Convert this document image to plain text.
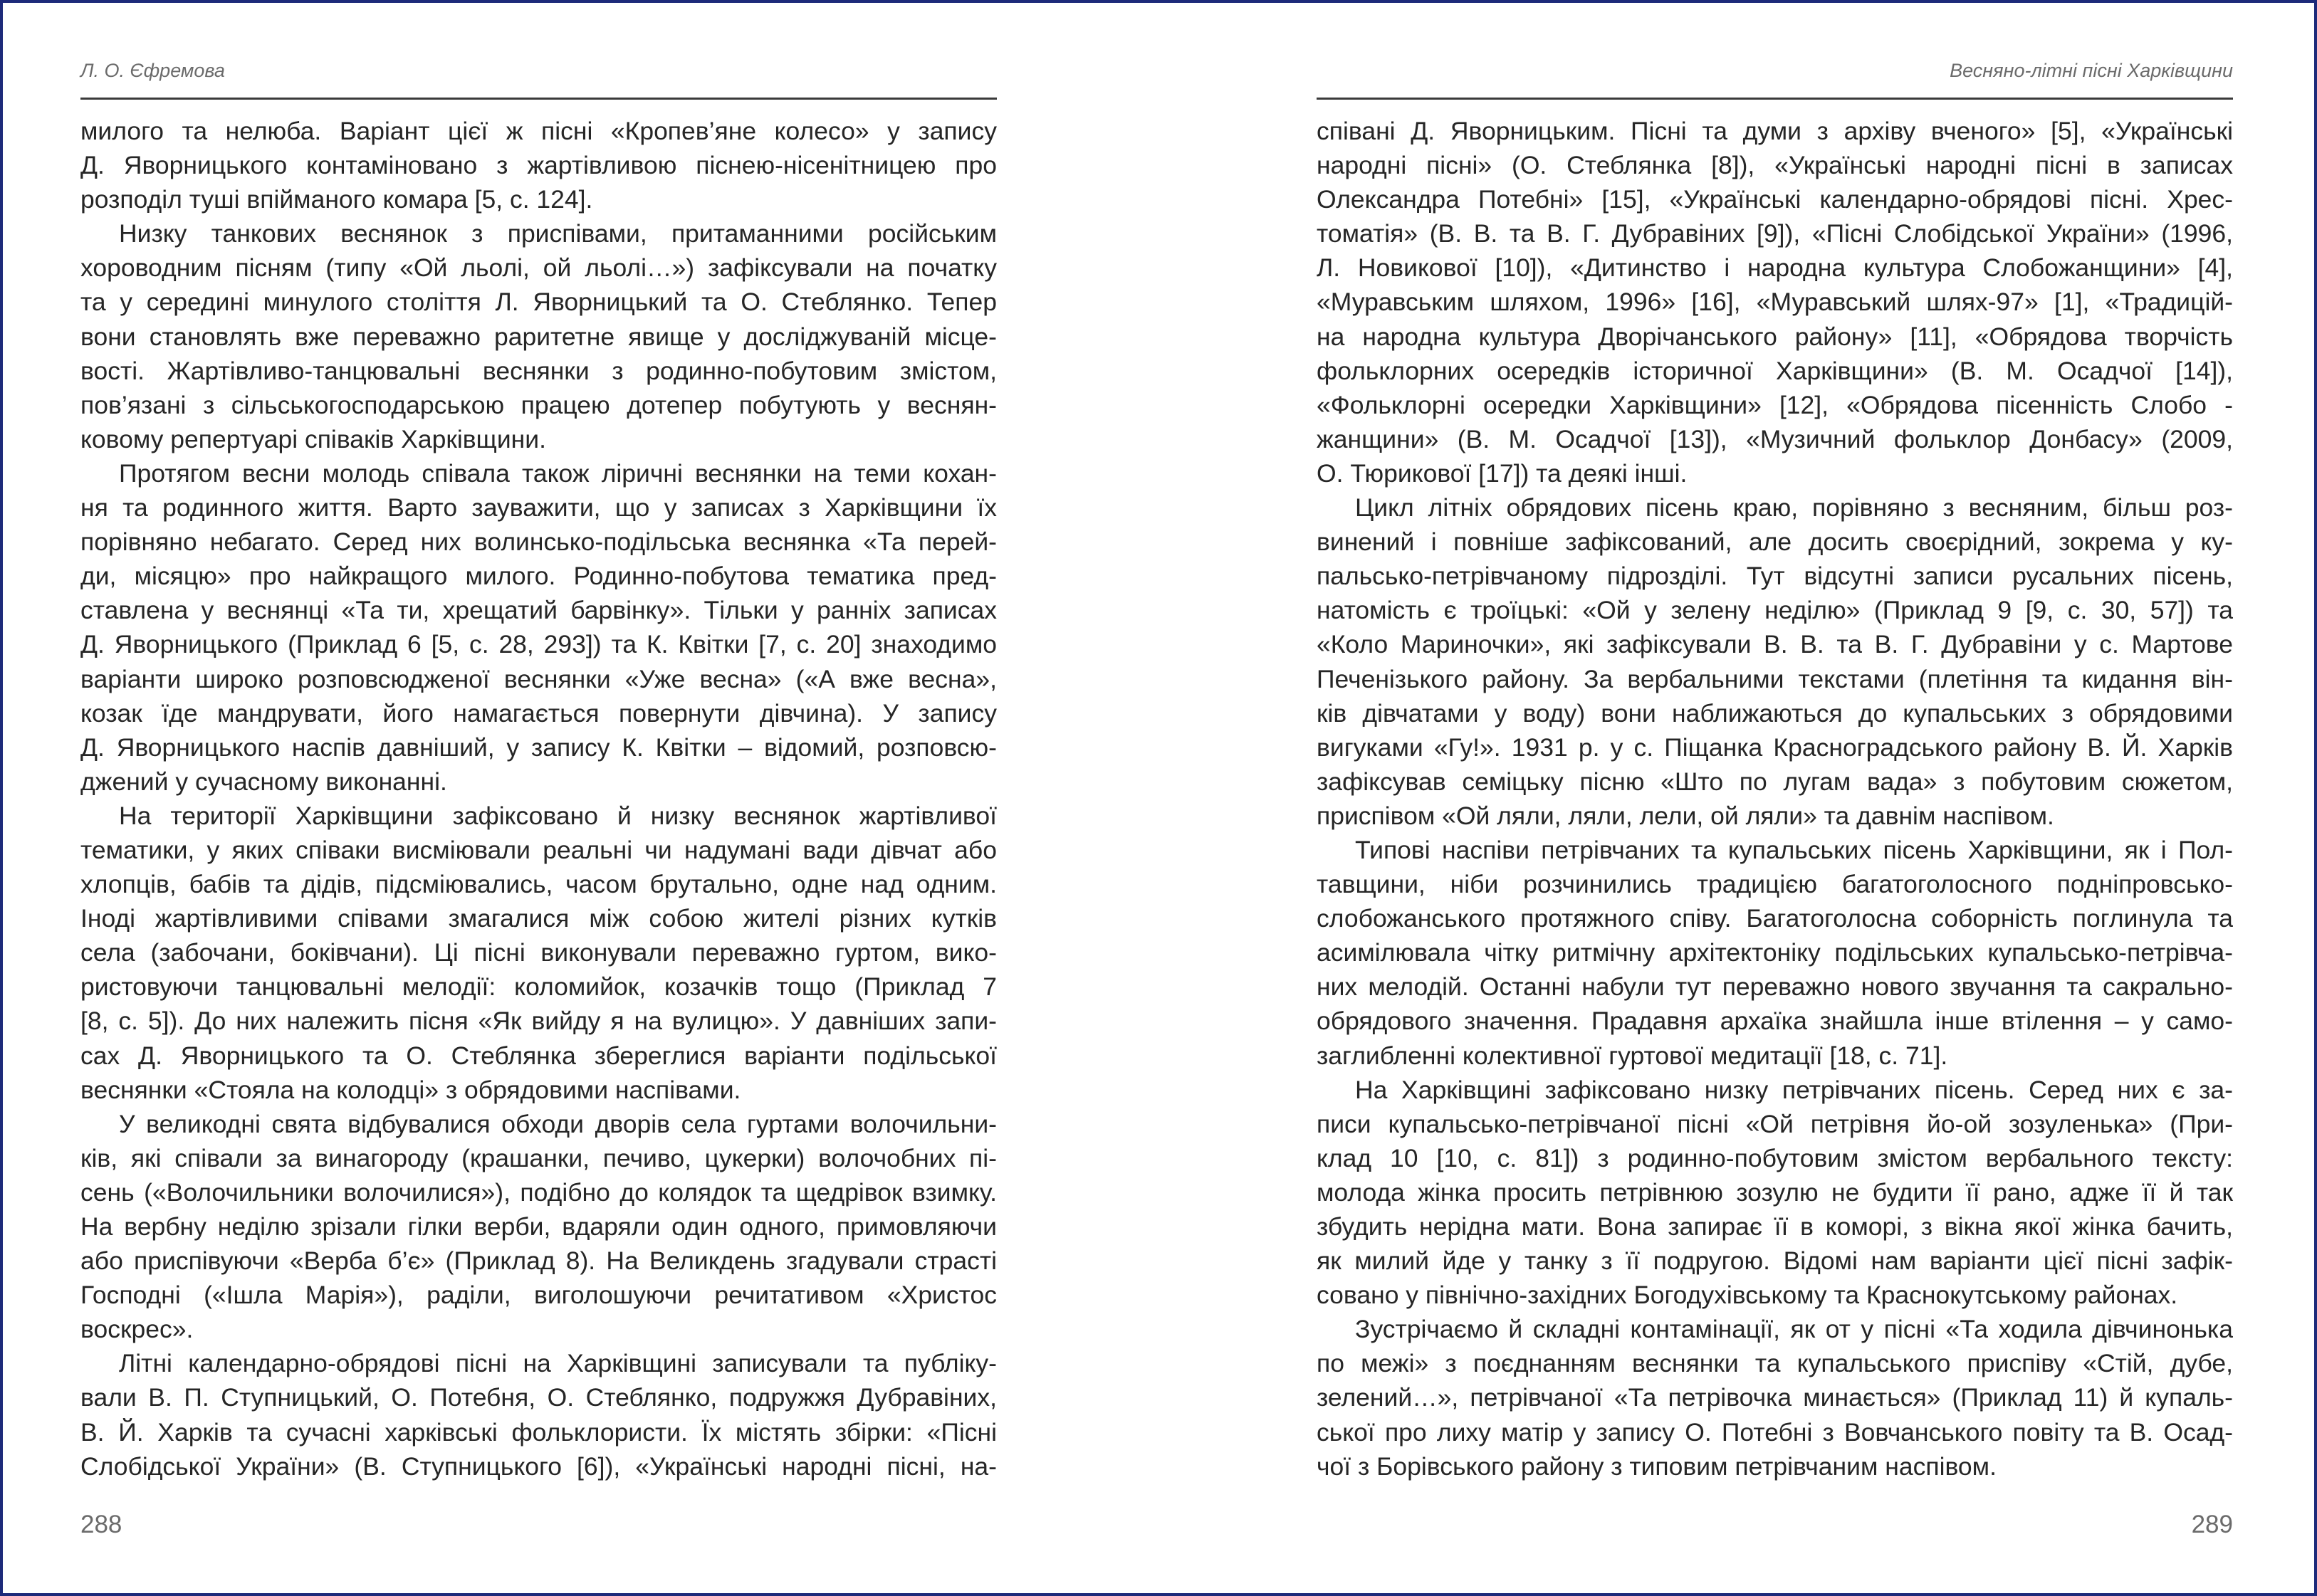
Л. О. Єфремова
милого та нелюба. Варіант цієї ж пісні «Кропев’яне колесо» у запису
Д. Яворницького контаміновано з жартівливою піснею-нісенітницею про
розподіл туші впійманого комара [5, с. 124].
Низку танкових веснянок з приспівами, притаманними російським
хороводним пісням (типу «Ой льолі, ой льолі…») зафіксували на початку
та у середині минулого століття Л. Яворницький та О. Стеблянко. Тепер
вони становлять вже переважно раритетне явище у досліджуваній місце-
вості. Жартівливо-танцювальні веснянки з родинно-побутовим змістом,
пов’язані з сільськогосподарською працею дотепер побутують у веснян-
ковому репертуарі співаків Харківщини.
Протягом весни молодь співала також ліричні веснянки на теми кохан-
ня та родинного життя. Варто зауважити, що у записах з Харківщини їх
порівняно небагато. Серед них волинсько-подільська веснянка «Та перей-
ди, місяцю» про найкращого милого. Родинно-побутова тематика пред-
ставлена у веснянці «Та ти, хрещатий барвінку». Тільки у ранніх записах
Д. Яворницького (Приклад 6 [5, с. 28, 293]) та К. Квітки [7, с. 20] знаходимо
варіанти широко розповсюдженої веснянки «Уже весна» («А вже весна»,
козак їде мандрувати, його намагається повернути дівчина). У запису
Д. Яворницького наспів давніший, у запису К. Квітки – відомий, розповсю-
джений у сучасному виконанні.
На території Харківщини зафіксовано й низку веснянок жартівливої
тематики, у яких співаки висміювали реальні чи надумані вади дівчат або
хлопців, бабів та дідів, підсміювались, часом брутально, одне над одним.
Іноді жартівливими співами змагалися між собою жителі різних кутків
села (забочани, боківчани). Ці пісні виконували переважно гуртом, вико-
ристовуючи танцювальні мелодії: коломийок, козачків тощо (Приклад 7
[8, с. 5]). До них належить пісня «Як вийду я на вулицю». У давніших запи-
сах Д. Яворницького та О. Стеблянка збереглися варіанти подільської
веснянки «Стояла на колодці» з обрядовими наспівами.
У великодні свята відбувалися обходи дворів села гуртами волочильни-
ків, які співали за винагороду (крашанки, печиво, цукерки) волочобних пі-
сень («Волочильники волочилися»), подібно до колядок та щедрівок взимку.
На вербну неділю зрізали гілки верби, вдаряли один одного, примовляючи
або приспівуючи «Верба б’є» (Приклад 8). На Великдень згадували страсті
Господні («Ішла Марія»), раділи, виголошуючи речитативом «Христос
воскрес».
Літні календарно-обрядові пісні на Харківщині записували та публіку-
вали В. П. Ступницький, О. Потебня, О. Стеблянко, подружжя Дубравіних,
В. Й. Харків та сучасні харківські фольклористи. Їх містять збірки: «Пісні
Слобідської України» (В. Ступницького [6]), «Українські народні пісні, на-
288
Весняно-літні пісні Харківщини
співані Д. Яворницьким. Пісні та думи з архіву вченого» [5], «Українські
народні пісні» (О. Стеблянка [8]), «Українські народні пісні в записах
Олександра Потебні» [15], «Українські календарно-обрядові пісні. Хрес-
томатія» (В. В. та В. Г. Дубравіних [9]), «Пісні Слобідської України» (1996,
Л. Новикової [10]), «Дитинство і народна культура Слобожанщини» [4],
«Муравським шляхом, 1996» [16], «Муравський шлях-97» [1], «Традицій-
на народна культура Дворічанського району» [11], «Обрядова творчість
фольклорних осередків історичної Харківщини» (В. М. Осадчої [14]),
«Фольклорні осередки Харківщини» [12], «Обрядова пісенність Слобо -
жанщини» (В. М. Осадчої [13]), «Музичний фольклор Донбасу» (2009,
О. Тюрикової [17]) та деякі інші.
Цикл літніх обрядових пісень краю, порівняно з весняним, більш роз-
винений і повніше зафіксований, але досить своєрідний, зокрема у ку-
пальсько-петрівчаному підрозділі. Тут відсутні записи русальних пісень,
натомість є троїцькі: «Ой у зелену неділю» (Приклад 9 [9, с. 30, 57]) та
«Коло Мариночки», які зафіксували В. В. та В. Г. Дубравіни у с. Мартове
Печенізького району. За вербальними текстами (плетіння та кидання він-
ків дівчатами у воду) вони наближаються до купальських з обрядовими
вигуками «Гу!». 1931 р. у с. Піщанка Красноградського району В. Й. Харків
зафіксував семіцьку пісню «Што по лугам вада» з побутовим сюжетом,
приспівом «Ой ляли, ляли, лели, ой ляли» та давнім наспівом.
Типові наспіви петрівчаних та купальських пісень Харківщини, як і Пол-
тавщини, ніби розчинились традицією багатоголосного подніпровсько-
слобожанського протяжного співу. Багатоголосна соборність поглинула та
асимілювала чітку ритмічну архітектоніку подільських купальсько-петрівча-
них мелодій. Останні набули тут переважно нового звучання та сакрально-
обрядового значення. Прадавня архаїка знайшла інше втілення – у само-
заглибленні колективної гуртової медитації [18, с. 71].
На Харківщині зафіксовано низку петрівчаних пісень. Серед них є за-
писи купальсько-петрівчаної пісні «Ой петрівня йо-ой зозуленька» (При-
клад 10 [10, с. 81]) з родинно-побутовим змістом вербального тексту:
молода жінка просить петрівнюю зозулю не будити її рано, адже її й так
збудить нерідна мати. Вона запирає її в коморі, з вікна якої жінка бачить,
як милий йде у танку з її подругою. Відомі нам варіанти цієї пісні зафік-
совано у північно-західних Богодухівському та Краснокутському районах.
Зустрічаємо й складні контамінації, як от у пісні «Та ходила дівчинонька
по межі» з поєднанням веснянки та купальського приспіву «Стій, дубе,
зелений…», петрівчаної «Та петрівочка минається» (Приклад 11) й купаль-
ської про лиху матір у запису О. Потебні з Вовчанського повіту та В. Осад-
чої з Борівського району з типовим петрівчаним наспівом.
289
